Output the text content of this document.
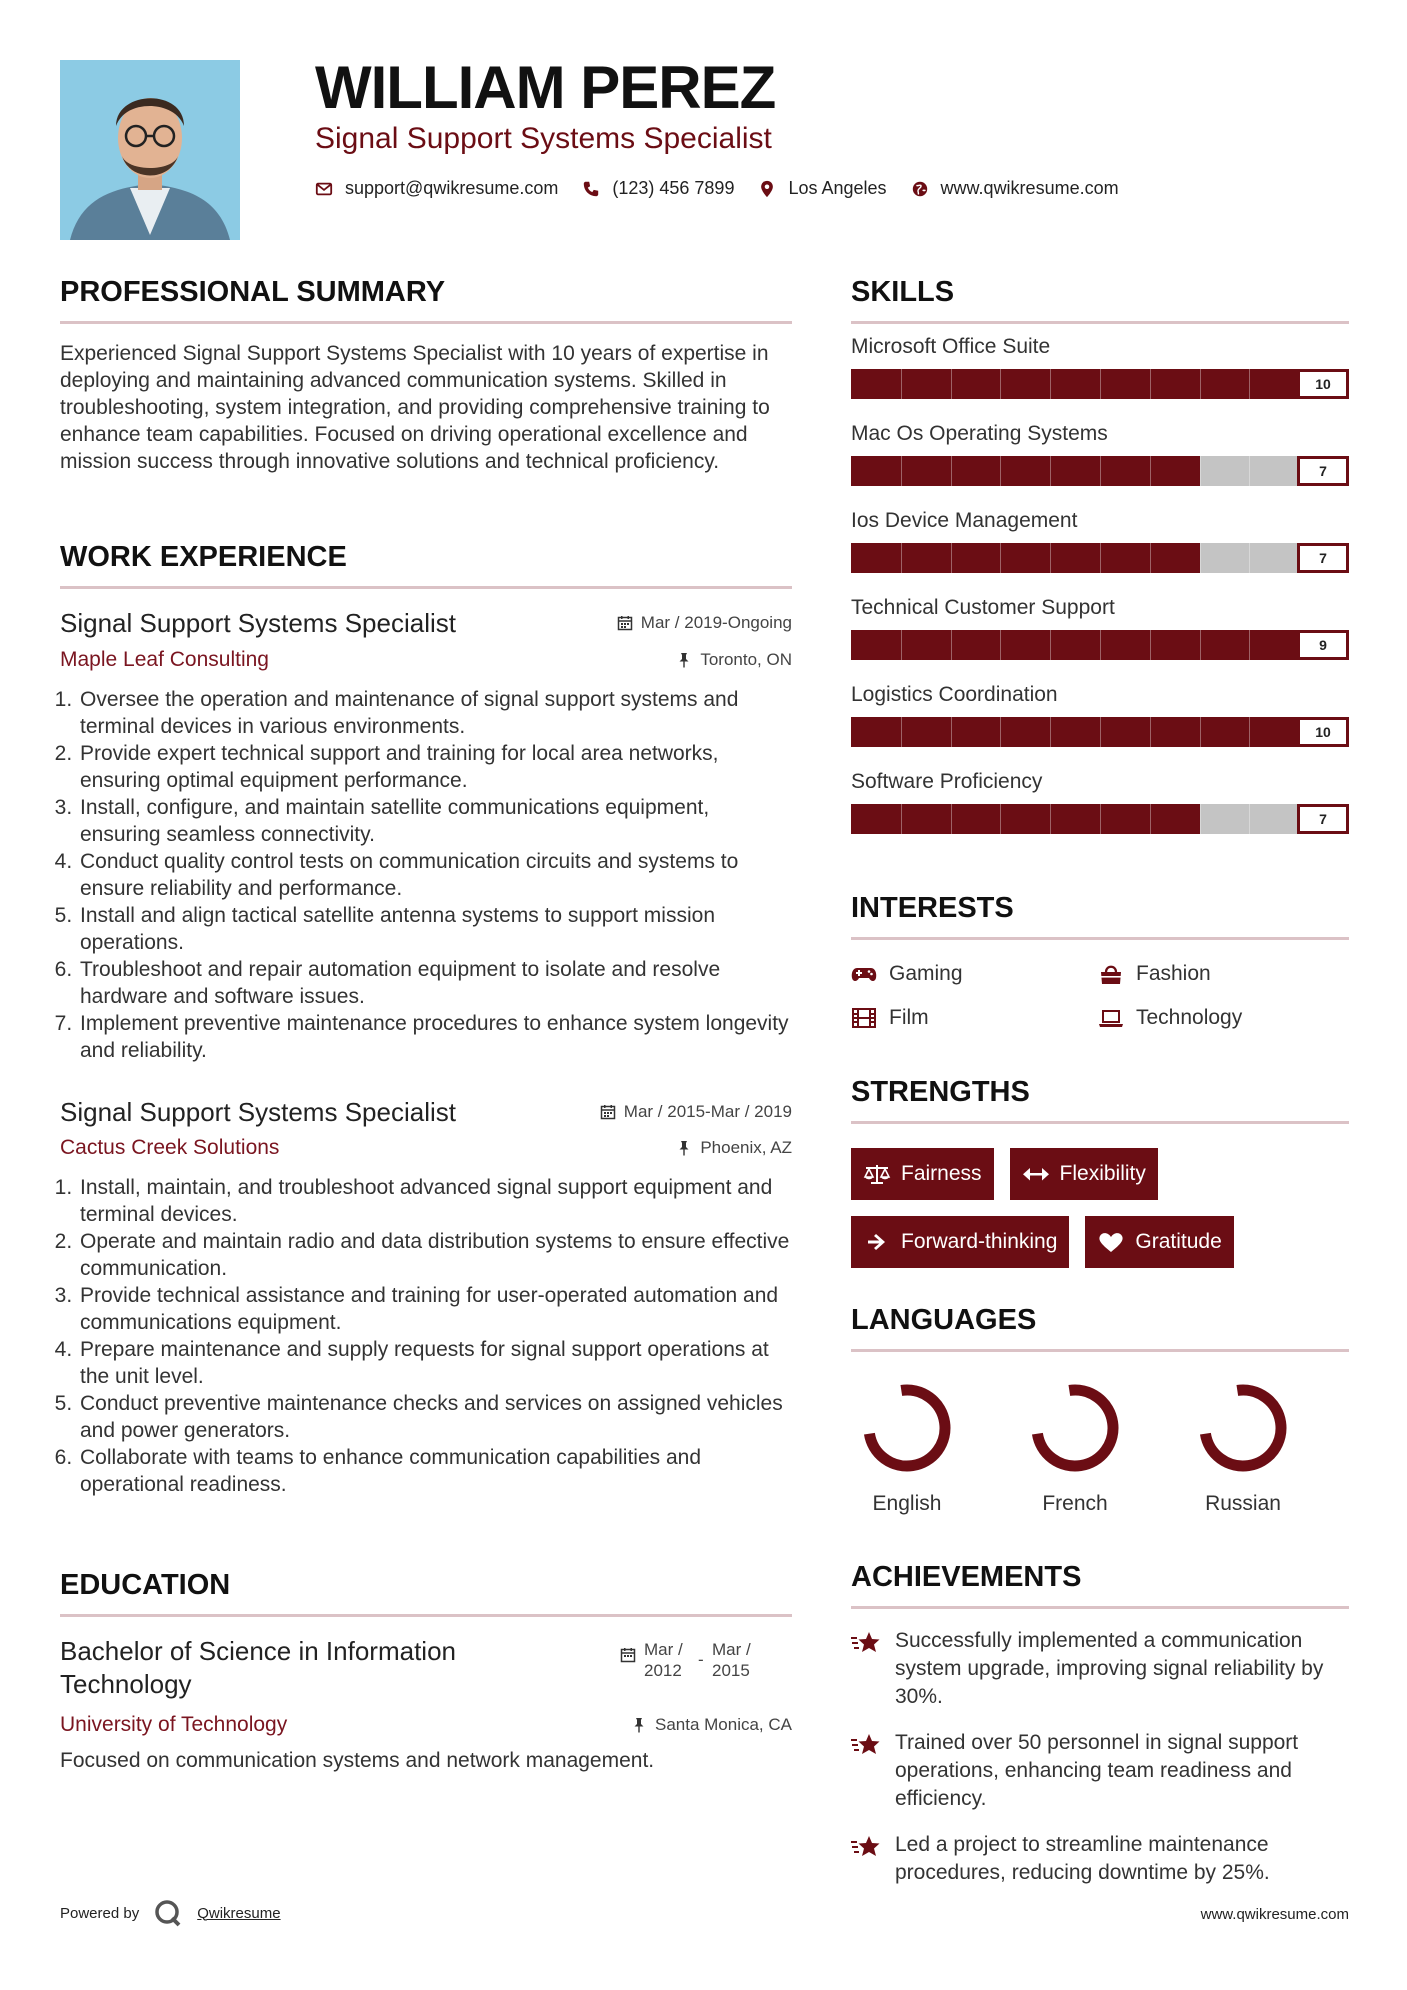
WILLIAM PEREZ
Signal Support Systems Specialist
support@qwikresume.com	(123) 456 7899	Los Angeles	www.qwikresume.com
PROFESSIONAL SUMMARY
Experienced Signal Support Systems Specialist with 10 years of expertise in deploying and maintaining advanced communication systems. Skilled in troubleshooting, system integration, and providing comprehensive training to enhance team capabilities. Focused on driving operational excellence and mission success through innovative solutions and technical proficiency.
WORK EXPERIENCE
Signal Support Systems Specialist	Mar / 2019-Ongoing
Maple Leaf Consulting	Toronto, ON
1. Oversee the operation and maintenance of signal support systems and terminal devices in various environments.
2. Provide expert technical support and training for local area networks, ensuring optimal equipment performance.
3. Install, configure, and maintain satellite communications equipment, ensuring seamless connectivity.
4. Conduct quality control tests on communication circuits and systems to ensure reliability and performance.
5. Install and align tactical satellite antenna systems to support mission operations.
6. Troubleshoot and repair automation equipment to isolate and resolve hardware and software issues.
7. Implement preventive maintenance procedures to enhance system longevity and reliability.
Signal Support Systems Specialist	Mar / 2015-Mar / 2019
Cactus Creek Solutions	Phoenix, AZ
1. Install, maintain, and troubleshoot advanced signal support equipment and terminal devices.
2. Operate and maintain radio and data distribution systems to ensure effective communication.
3. Provide technical assistance and training for user-operated automation and communications equipment.
4. Prepare maintenance and supply requests for signal support operations at the unit level.
5. Conduct preventive maintenance checks and services on assigned vehicles and power generators.
6. Collaborate with teams to enhance communication capabilities and operational readiness.
EDUCATION
Bachelor of Science in Information Technology
Mar / 2012
-
Mar / 2015
University of Technology	Santa Monica, CA
Focused on communication systems and network management.
SKILLS
Microsoft Office Suite
10
Mac Os Operating Systems
7
Ios Device Management
7
Technical Customer Support
9
Logistics Coordination
10
Software Proficiency
7
INTERESTS
Gaming	Fashion
Film	Technology
STRENGTHS
Fairness	Flexibility
Forward-thinking	Gratitude
LANGUAGES
English	French	Russian
ACHIEVEMENTS
Successfully implemented a communication system upgrade, improving signal reliability by 30%.
Trained over 50 personnel in signal support operations, enhancing team readiness and efficiency.
Led a project to streamline maintenance procedures, reducing downtime by 25%.
Powered by	Qwikresume	www.qwikresume.com
